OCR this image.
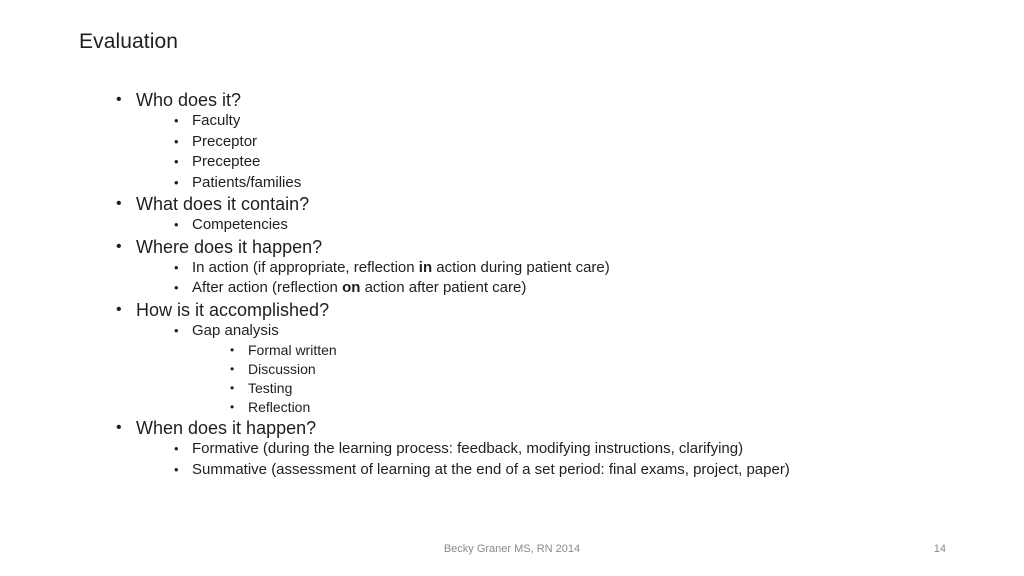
Evaluation
• Who does it?
• Faculty
• Preceptor
• Preceptee
• Patients/families
• What does it contain?
• Competencies
• Where does it happen?
• In action (if appropriate, reflection in action during patient care)
• After action (reflection on action after patient care)
• How is it accomplished?
• Gap analysis
• Formal written
• Discussion
• Testing
• Reflection
• When does it happen?
• Formative (during the learning process: feedback, modifying instructions, clarifying)
• Summative (assessment of learning at the end of a set period: final exams, project, paper)
Becky Graner MS, RN 2014	14
